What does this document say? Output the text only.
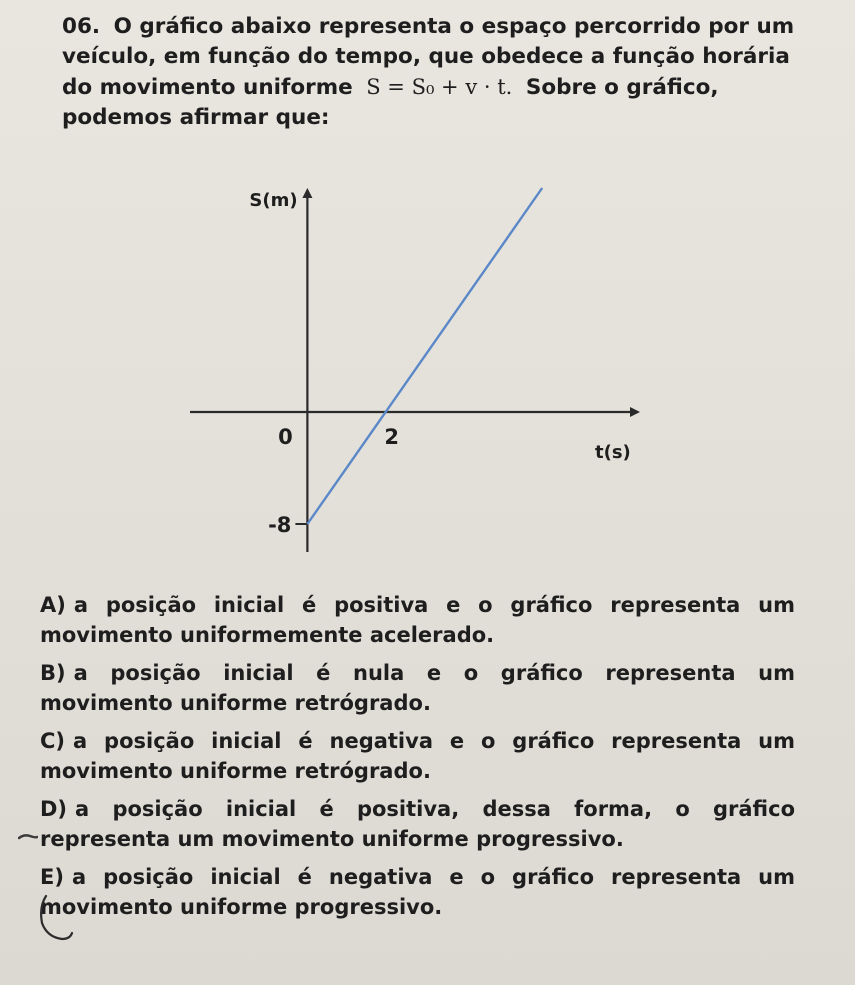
06. O gráfico abaixo representa o espaço percorrido por um veículo, em função do tempo, que obedece a função horária do movimento uniforme S = S₀ + v · t. Sobre o gráfico, podemos afirmar que:
S(m)
t(s)
0	2
-8

A) a posição inicial é positiva e o gráfico representa um movimento uniformemente acelerado.

B) a posição inicial é nula e o gráfico representa um movimento uniforme retrógrado.

C) a posição inicial é negativa e o gráfico representa um movimento uniforme retrógrado.

D) a posição inicial é positiva, dessa forma, o gráfico representa um movimento uniforme progressivo.

E) a posição inicial é negativa e o gráfico representa um movimento uniforme progressivo.
